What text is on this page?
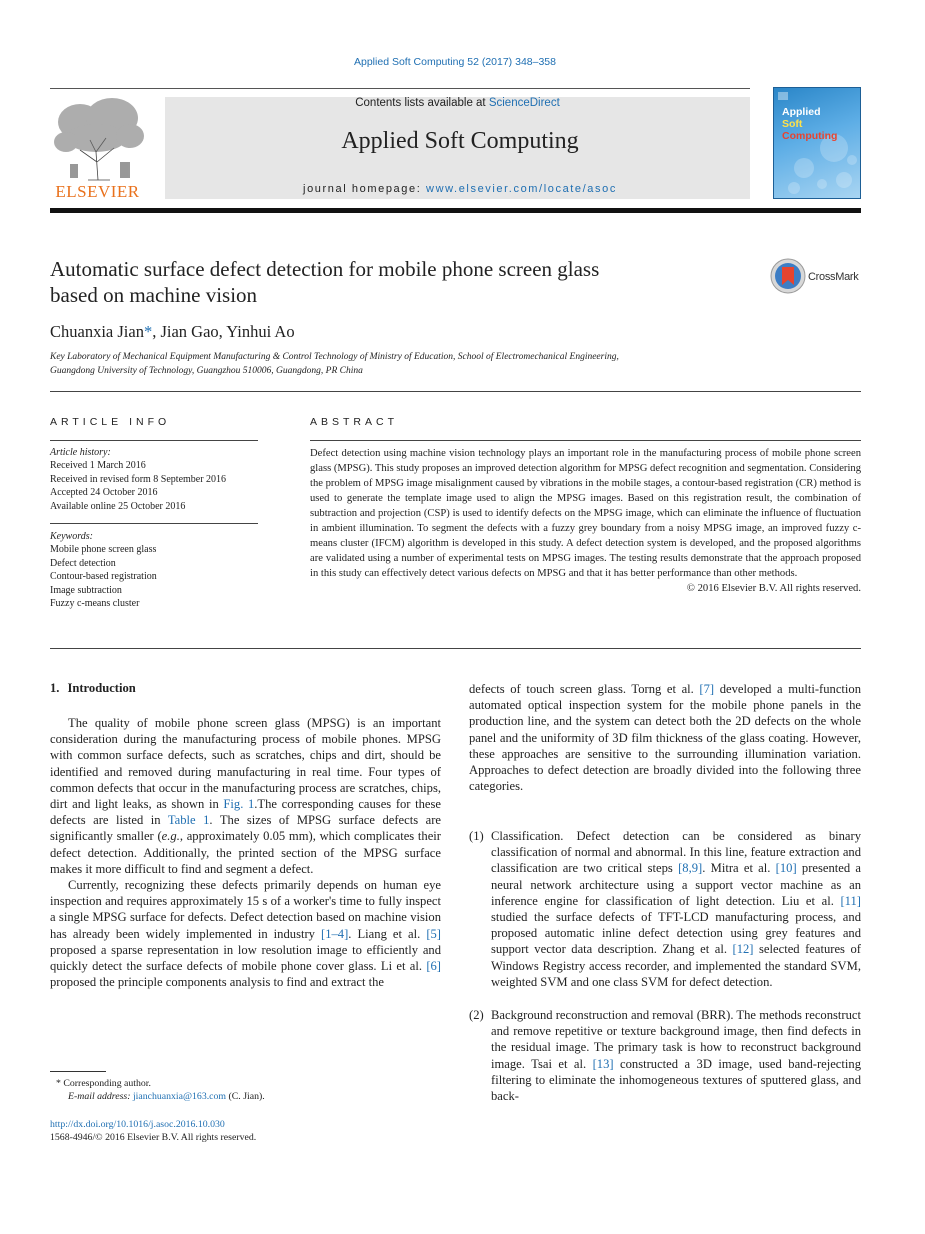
Applied Soft Computing 52 (2017) 348–358
ELSEVIER
Contents lists available at ScienceDirect
Applied Soft Computing
journal homepage: www.elsevier.com/locate/asoc
Applied
Soft
Computing
Automatic surface defect detection for mobile phone screen glass
based on machine vision
CrossMark
Chuanxia Jian*, Jian Gao, Yinhui Ao
Key Laboratory of Mechanical Equipment Manufacturing & Control Technology of Ministry of Education, School of Electromechanical Engineering,
Guangdong University of Technology, Guangzhou 510006, Guangdong, PR China
ARTICLE INFO
Article history:
Received 1 March 2016
Received in revised form 8 September 2016
Accepted 24 October 2016
Available online 25 October 2016
Keywords:
Mobile phone screen glass
Defect detection
Contour-based registration
Image subtraction
Fuzzy c-means cluster
ABSTRACT
Defect detection using machine vision technology plays an important role in the manufacturing process of mobile phone screen glass (MPSG). This study proposes an improved detection algorithm for MPSG defect recognition and segmentation. Considering the problem of MPSG image misalignment caused by vibrations in the mobile stages, a contour-based registration (CR) method is used to generate the template image used to align the MPSG images. Based on this registration result, the combination of subtraction and projection (CSP) is used to identify defects on the MPSG image, which can eliminate the influence of fluctuation in ambient illumination. To segment the defects with a fuzzy grey boundary from a noisy MPSG image, an improved fuzzy c-means cluster (IFCM) algorithm is developed in this study. A defect detection system is developed, and the proposed algorithms are validated using a number of experimental tests on MPSG images. The testing results demonstrate that the approach proposed in this study can effectively detect various defects on MPSG and that it has better performance than other methods.
© 2016 Elsevier B.V. All rights reserved.
1. Introduction

The quality of mobile phone screen glass (MPSG) is an important consideration during the manufacturing process of mobile phones. MPSG with common surface defects, such as scratches, chips and dirt, should be identified and removed during manufacturing in real time. Four types of common defects that occur in the manufacturing process are scratches, chips, dirt and light leaks, as shown in Fig. 1.The corresponding causes for these defects are listed in Table 1. The sizes of MPSG surface defects are significantly smaller (e.g., approximately 0.05 mm), which complicates their defect detection. Additionally, the printed section of the MPSG surface makes it more difficult to find and segment a defect.

Currently, recognizing these defects primarily depends on human eye inspection and requires approximately 15 s of a worker's time to fully inspect a single MPSG surface for defects. Defect detection based on machine vision has already been widely implemented in industry [1–4]. Liang et al. [5] proposed a sparse representation in low resolution image to efficiently and quickly detect the surface defects of mobile phone cover glass. Li et al. [6] proposed the principle components analysis to find and extract the

defects of touch screen glass. Torng et al. [7] developed a multi-function automated optical inspection system for the mobile phone panels in the production line, and the system can detect both the 2D defects on the whole panel and the uniformity of 3D film thickness of the glass coating. However, these approaches are sensitive to the surrounding illumination variation. Approaches to defect detection are broadly divided into the following three categories.

(1) Classification. Defect detection can be considered as binary classification of normal and abnormal. In this line, feature extraction and classification are two critical steps [8,9]. Mitra et al. [10] presented a neural network architecture using a support vector machine as an inference engine for classification of light detection. Liu et al. [11] studied the surface defects of TFT-LCD manufacturing process, and proposed automatic inline defect detection using grey features and support vector data description. Zhang et al. [12] selected features of Windows Registry access recorder, and implemented the standard SVM, weighted SVM and one class SVM for defect detection.
(2) Background reconstruction and removal (BRR). The methods reconstruct and remove repetitive or texture background image, then find defects in the residual image. The primary task is how to reconstruct background image. Tsai et al. [13] constructed a 3D image, used band-rejecting filtering to eliminate the inhomogeneous textures of sputtered glass, and back-
* Corresponding author.
E-mail address: jianchuanxia@163.com (C. Jian).
http://dx.doi.org/10.1016/j.asoc.2016.10.030
1568-4946/© 2016 Elsevier B.V. All rights reserved.
